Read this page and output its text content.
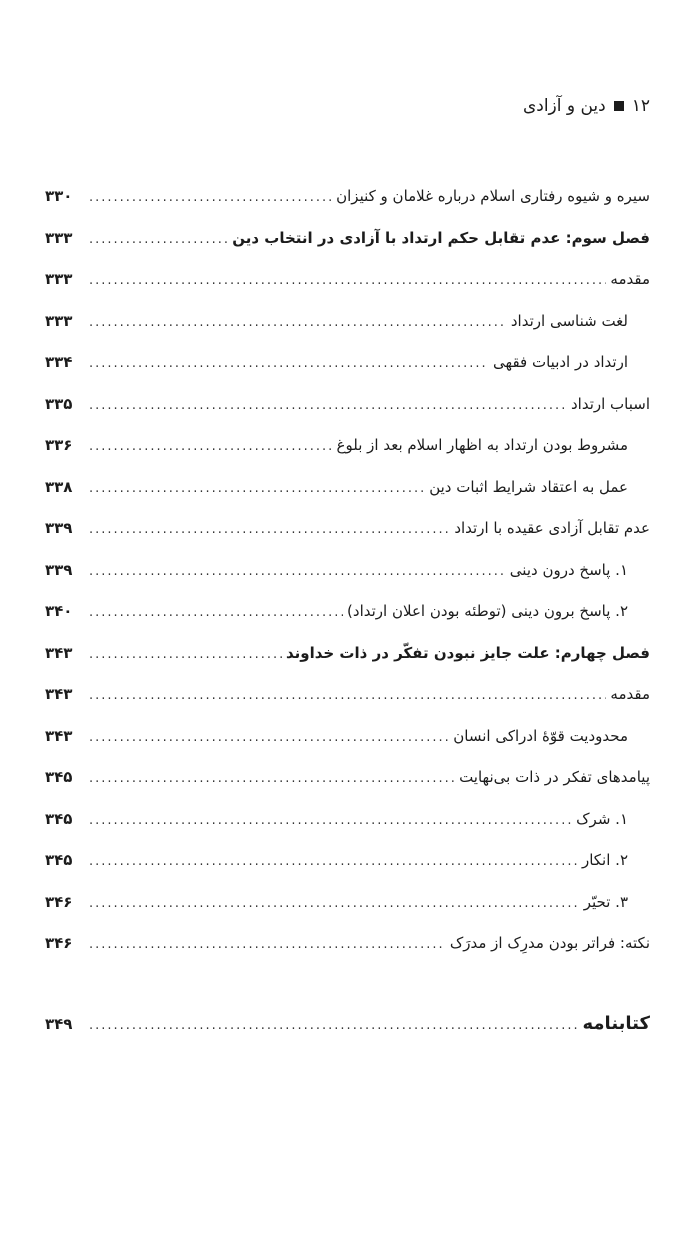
۱۲
دین و آزادی
سیره و شیوه رفتاری اسلام درباره غلامان و کنیزان
.....
۳۳۰
فصل سوم: عدم تقابل حکم ارتداد با آزادی در انتخاب دین
.....
۳۳۳
مقدمه
.....
۳۳۳
لغت شناسی ارتداد
.....
۳۳۳
ارتداد در ادبیات فقهی
.....
۳۳۴
اسباب ارتداد
.....
۳۳۵
مشروط بودن ارتداد به اظهار اسلام بعد از بلوغ
.....
۳۳۶
عمل به اعتقاد شرایط اثبات دین
.....
۳۳۸
عدم تقابل آزادی عقیده با ارتداد
.....
۳۳۹
۱. پاسخ درون دینی
.....
۳۳۹
۲. پاسخ برون دینی (توطئه بودن اعلان ارتداد)
.....
۳۴۰
فصل چهارم: علت جایز نبودن تفکّر در ذات خداوند
.....
۳۴۳
مقدمه
.....
۳۴۳
محدودیت قوّهٔ ادراکی انسان
.....
۳۴۳
پیامدهای تفکر در ذات بی‌نهایت
.....
۳۴۵
۱. شرک
.....
۳۴۵
۲. انکار
.....
۳۴۵
۳. تحیّر
.....
۳۴۶
نکته: فراتر بودن مدرِک از مدرَک
.....
۳۴۶
کتابنامه
.....
۳۴۹
